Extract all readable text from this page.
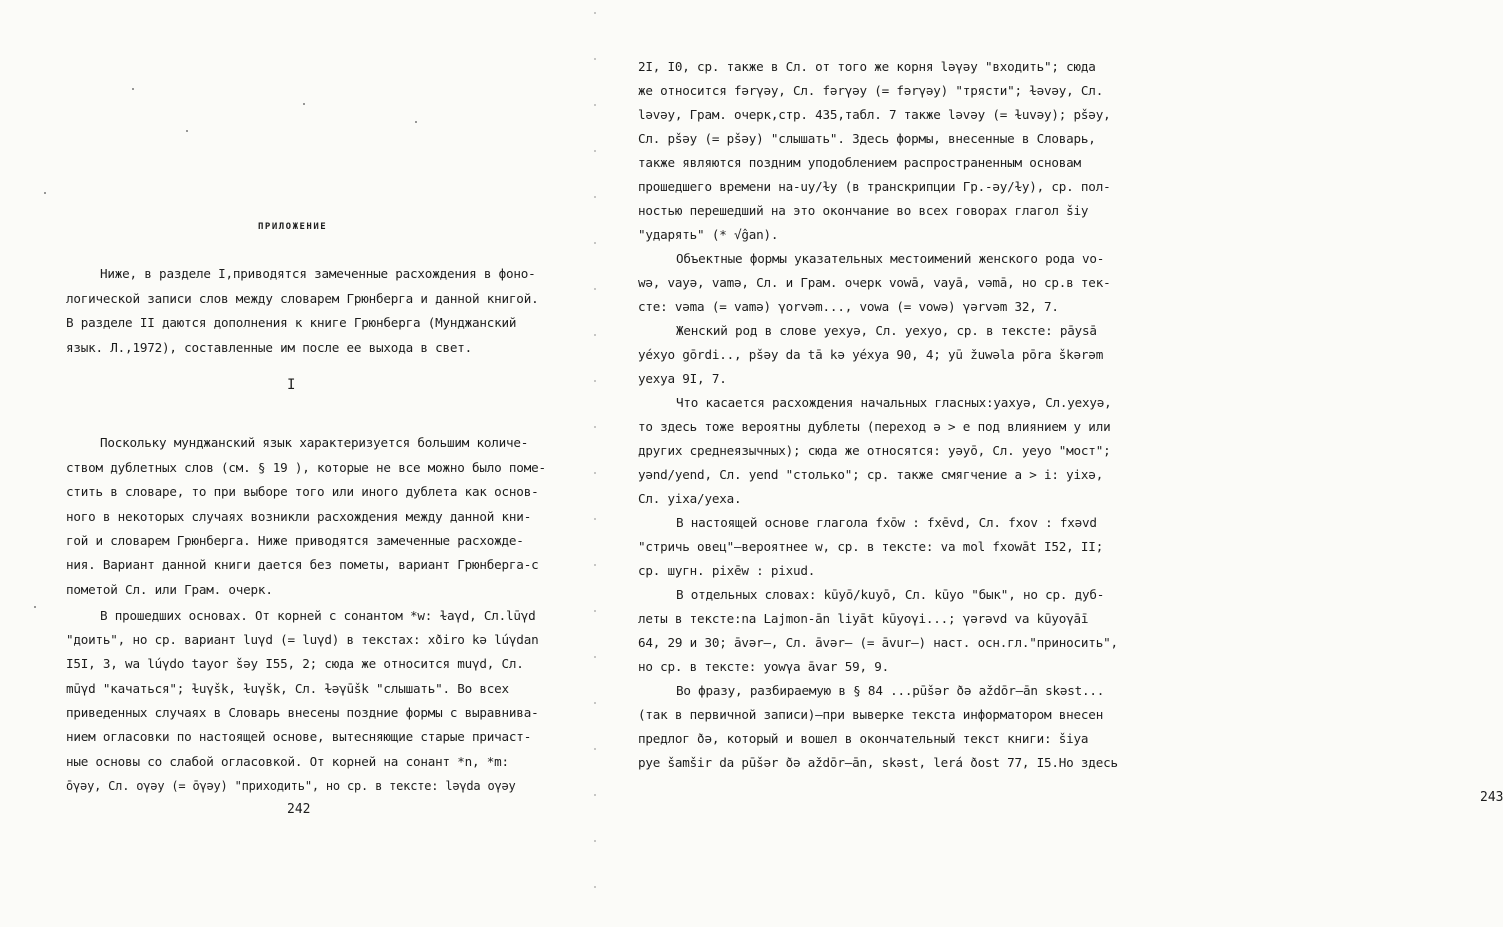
ПРИЛОЖЕНИЕ
Ниже, в разделе I,приводятся замеченные расхождения в фоно-
логической записи слов между словарем Грюнберга и данной книгой.
В разделе II даются дополнения к книге Грюнберга (Мунджанский
язык. Л.,1972), составленные им после ее выхода в свет.
I
Поскольку мунджанский язык характеризуется большим количе-
ством дублетных слов (см. § 19 ), которые не все можно было поме-
стить в словаре, то при выборе того или иного дублета как основ-
ного в некоторых случаях возникли расхождения между данной кни-
гой и словарем Грюнберга. Ниже приводятся замеченные расхожде-
ния. Вариант данной книги дается без пометы, вариант Грюнберга-с
пометой Сл. или Грам. очерк.
В прошедших основах. От корней с сонантом *w: ɫaγd, Сл.lūγd
"доить", но ср. вариант luγd (= luγd) в текстах: xðiro kə lúγdan
I5I, 3, wa lúγdo tayor šəy I55, 2; сюда же относится muγd, Сл.
mūγd "качаться"; ɫuγšk, ɫuγšk, Сл. ɫəγūšk "слышать". Во всех
приведенных случаях в Словарь внесены поздние формы с выравнива-
нием огласовки по настоящей основе, вытесняющие старые причаст-
ные основы со слабой огласовкой. От корней на сонант *n, *m:
ōγəy, Сл. oγəy (= ōγəy) "приходить", но ср. в тексте: ləγda oγəy
242
2I, I0, ср. также в Сл. от того же корня ləγəy "входить"; сюда
же относится fərγəy, Сл. fərγəy (= fərγəy) "трясти"; ɫəvəy, Сл.
ləvəy, Грам. очерк,стр. 435,табл. 7 также ləvəy (= ɫuvəy); pšəy,
Сл. pšəy (= pšəy) "слышать". Здесь формы, внесенные в Словарь,
также являются поздним уподоблением распространенным основам
прошедшего времени на-uy/ɫy (в транскрипции Гр.-əy/ɫy), ср. пол-
ностью перешедший на это окончание во всех говорах глагол šiy
"ударять" (* √ĝan).
Объектные формы указательных местоимений женского рода vo-
wə, vayə, vamə, Сл. и Грам. очерк vowā, vayā, vəmā, но ср.в тек-
сте: vəma (= vamə) γorvəm..., vowa (= vowə) γərvəm 32, 7.
Женский род в слове yexyə, Сл. yexyo, ср. в тексте: pāysā
yéxyo gōrdi.., pšəy da tā kə yéxya 90, 4; yū žuwəla pōra škərəm
yexya 9I, 7.
Что касается расхождения начальных гласных:yaxyə, Сл.yexyə,
то здесь тоже вероятны дублеты (переход ə > e под влиянием y или
других среднеязычных); сюда же относятся: yəyō, Сл. yeyo "мост";
yənd/yend, Сл. yend "столько"; ср. также смягчение a > i: yixə,
Сл. yixa/yexa.
В настоящей основе глагола fxōw : fxēvd, Сл. fxov : fxəvd
"стричь овец"—вероятнее w, ср. в тексте: va mol fxowāt I52, II;
ср. шугн. pixēw : pixud.
В отдельных словах: kūyō/kuyō, Сл. kūyo "бык", но ср. дуб-
леты в тексте:na Lajmon-ān liyāt kūyoγi...; γərəvd va kūyoγāī
64, 29 и 30; āvər–, Сл. āvər– (= āvur–) наст. осн.гл."приносить",
но ср. в тексте: yowγa āvar 59, 9.
Во фразу, разбираемую в § 84 ...pūšər ðə aždōr–ān skəst...
(так в первичной записи)–при выверке текста информатором внесен
предлог ðə, который и вошел в окончательный текст книги: šiya
pye šamšir da pūšər ðə aždōr–ān, skəst, lerá ðost 77, I5.Но здесь
243
